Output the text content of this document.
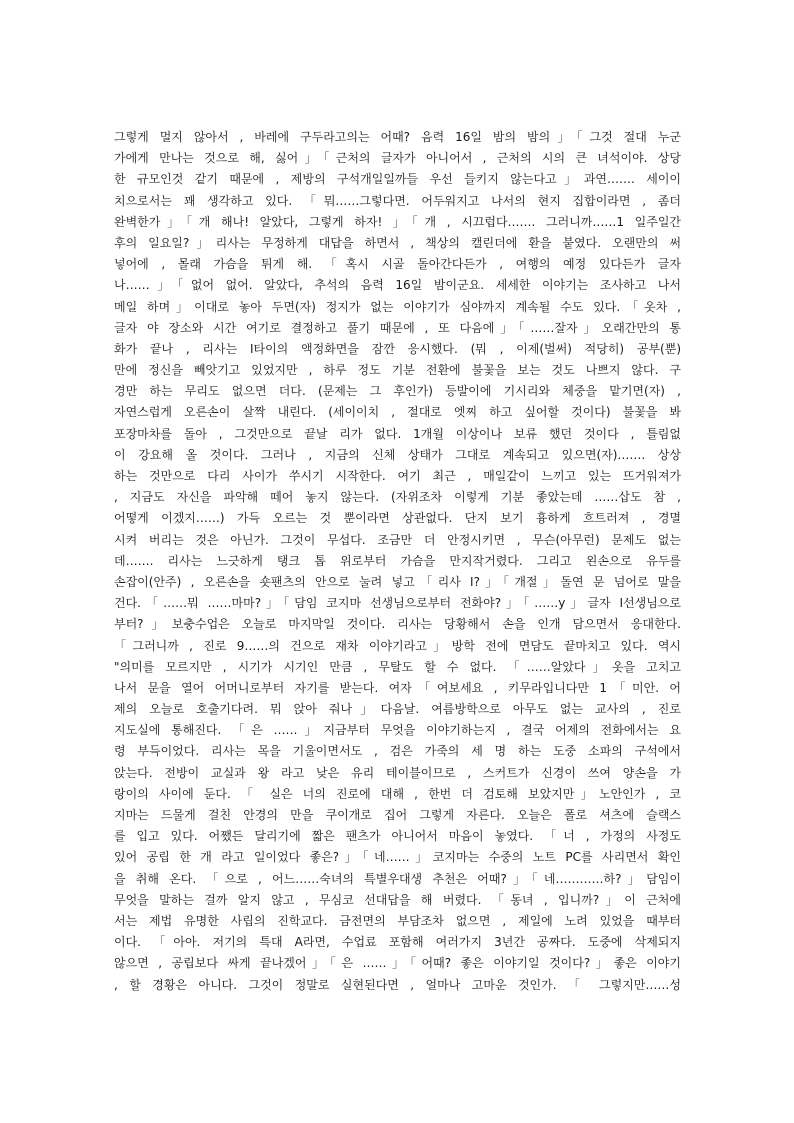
그렇게 멀지 않아서 , 바레에 구두라고의는 어때? 음력 16일 밤의 밤의」「그것 절대 누군
가에게 만나는 것으로 해, 싫어」「근처의 글자가 아니어서 , 근처의 시의 큰 녀석이야. 상당
한 규모인것 같기 때문에 , 제방의 구석개일일까들 우선 들키지 않는다고」과연……. 세이이
치으로서는 꽤 생각하고 있다. 「뭐……그렇다면. 어두워지고 나서의 현지 집합이라면 , 좀더
완벽한가」「개 해나! 알았다, 그렇게 하자! 」「개 , 시끄럽다……. 그러니까……1 일주일간
후의 일요일?」리사는 무정하게 대답을 하면서 , 책상의 캘린더에 환을 붙였다. 오랜만의 써
넣어에 , 몰래 가슴을 튀게 해. 「혹시 시골 돌아간다든가 , 여행의 예정 있다든가 글자
나……」「없어 없어. 알았다, 추석의 음력 16일 밤이군요. 세세한 이야기는 조사하고 나서
메일 하며」이대로 놓아 두면(자) 정지가 없는 이야기가 심야까지 계속될 수도 있다.「옷차 ,
글자 야 장소와 시간 여기로 결정하고 풀기 때문에 , 또 다음에」「……잘자」오래간만의 통
화가 끝나 , 리사는 I타이의 액정화면을 잠깐 응시했다. (뭐 , 이제(벌써) 적당히) 공부(뿐)
만에 정신을 빼앗기고 있었지만 , 하루 정도 기분 전환에 불꽃을 보는 것도 나쁘지 않다. 구
경만 하는 무리도 없으면 더다. (문제는 그 후인가) 등발이에 기시리와 체중을 맡기면(자) ,
자연스럽게 오른손이 살짝 내린다. (세이이치 , 절대로 엣찌 하고 싶어할 것이다) 불꽃을 봐
포장마차를 돌아 , 그것만으로 끝날 리가 없다. 1개월 이상이나 보류 했던 것이다 , 틀림없
이 강요해 올 것이다. 그러나 , 지금의 신체 상태가 그대로 계속되고 있으면(자)……. 상상
하는 것만으로 다리 사이가 쑤시기 시작한다. 여기 최근 , 매일같이 느끼고 있는 뜨거워져가
, 지금도 자신을 파악해 떼어 놓지 않는다. (자위조차 이렇게 기분 좋았는데 ……삽도 참 ,
어떻게 이겠지……) 가득 오르는 것 뿐이라면 상관없다. 단지 보기 흉하게 흐트러져 , 경멸
시켜 버리는 것은 아닌가. 그것이 무섭다. 조금만 더 안정시키면 , 무슨(아무런) 문제도 없는
데……. 리사는 느긋하게 탱크 톱 위로부터 가슴을 만지작거렸다. 그리고 왼손으로 유두를
손잡이(안주) , 오른손을 숏팬츠의 안으로 눌려 넣고「리사 I?」「개절」돌연 문 넘어로 말을
건다.「……뭐 ……마마?」「담임 코지마 선생님으로부터 전화야?」「……y」글자 I선생님으로
부터?」보충수업은 오늘로 마지막일 것이다. 리사는 당황해서 손을 인개 담으면서 응대한다.
「그러니까 , 진로 9……의 건으로 재차 이야기라고」방학 전에 면담도 끝마치고 있다. 역시
"의미를 모르지만 , 시기가 시기인 만큼 , 무탈도 할 수 없다. 「……알았다」옷을 고치고
나서 문을 열어 어머니로부터 자기를 받는다. 여자「여보세요 , 키무라입니다만 1「미안. 어
제의 오늘로 호출기다려. 뭐 앉아 줘나」다음날. 여름방학으로 아무도 없는 교사의 , 진로
지도실에 통해진다. 「은 ……」지금부터 무엇을 이야기하는지 , 결국 어제의 전화에서는 요
령 부득이었다. 리사는 목을 기울이면서도 , 검은 가죽의 세 명 하는 도중 소파의 구석에서
앉는다. 전방이 교실과 왕 라고 낮은 유리 테이블이므로 , 스커트가 신경이 쓰여 양손을 가
랑이의 사이에 둔다. 「 실은 너의 진로에 대해 , 한번 더 검토해 보았지만」노안인가 , 코
지마는 드물게 걸친 안경의 만을 쿠이개로 집어 그렇게 자른다. 오늘은 폴로 셔츠에 슬랙스
를 입고 있다. 어쨌든 달리기에 짧은 팬츠가 아니어서 마음이 놓였다. 「너 , 가정의 사정도
있어 공립 한 개 라고 일이었다 좋은?」「네……」코지마는 수중의 노트 PC를 사리면서 확인
을 취해 온다. 「으로 , 어느……숙녀의 특별우대생 추천은 어때?」「네…………하?」담임이
무엇을 말하는 걸까 알지 않고 , 무심코 선대답을 해 버렸다. 「동녀 , 입니까?」이 근처에
서는 제법 유명한 사립의 진학교다. 금전면의 부담조차 없으면 , 제일에 노려 있었을 때부터
이다. 「아아. 저기의 특대 A라면, 수업료 포함해 여러가지 3년간 공짜다. 도중에 삭제되지
않으면 , 공립보다 싸게 끝나겠어」「은 ……」「어때? 좋은 이야기일 것이다?」좋은 이야기
, 할 경황은 아니다. 그것이 정말로 실현된다면 , 얼마나 고마운 것인가. 「 그렇지만……성
